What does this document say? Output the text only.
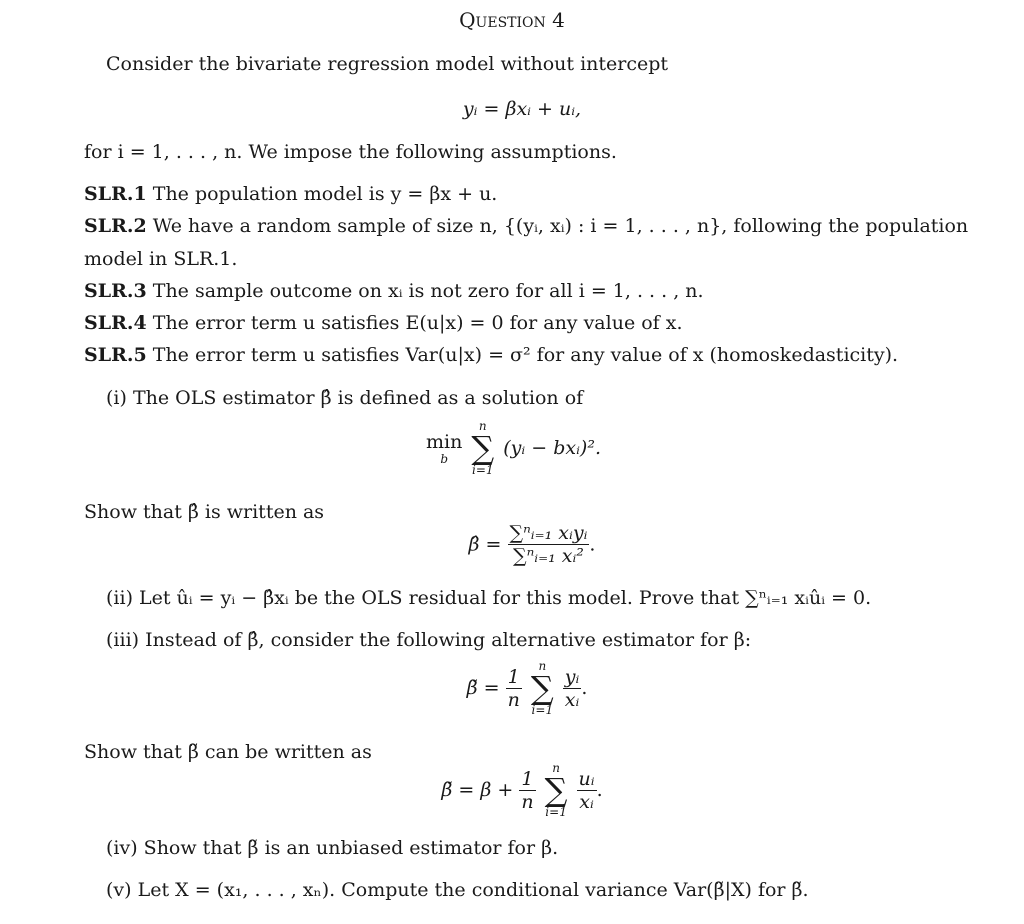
Question 4
Consider the bivariate regression model without intercept
yᵢ = βxᵢ + uᵢ,
for i = 1, . . . , n. We impose the following assumptions.
SLR.1 The population model is y = βx + u.
SLR.2 We have a random sample of size n, {(yᵢ, xᵢ) : i = 1, . . . , n}, following the population
model in SLR.1.
SLR.3 The sample outcome on xᵢ is not zero for all i = 1, . . . , n.
SLR.4 The error term u satisfies E(u|x) = 0 for any value of x.
SLR.5 The error term u satisfies Var(u|x) = σ² for any value of x (homoskedasticity).
(i) The OLS estimator β̂ is defined as a solution of
min
b

n
∑
i=1
(yᵢ − bxᵢ)².
Show that β̂ is written as
β̂ = $\frac{\text{∑ⁿᵢ₌₁ xᵢyᵢ}}{\text{∑ⁿᵢ₌₁ xᵢ²}}$ .
(ii) Let ûᵢ = yᵢ − β̂xᵢ be the OLS residual for this model. Prove that ∑ⁿᵢ₌₁ xᵢûᵢ = 0.
(iii) Instead of β̂, consider the following alternative estimator for β:
β̃ = $\frac{1}{n}$
	n
∑
i=1
$\frac{\text{yᵢ}}{\text{xᵢ}}$ .
Show that β̃ can be written as
β̃ = $\beta + \frac{1}{n}$
	n
∑
i=1
$\frac{\text{uᵢ}}{\text{xᵢ}}$ .
(iv) Show that β̃ is an unbiased estimator for β.
(v) Let X = (x₁, . . . , xₙ). Compute the conditional variance Var(β̃|X) for β̃.
